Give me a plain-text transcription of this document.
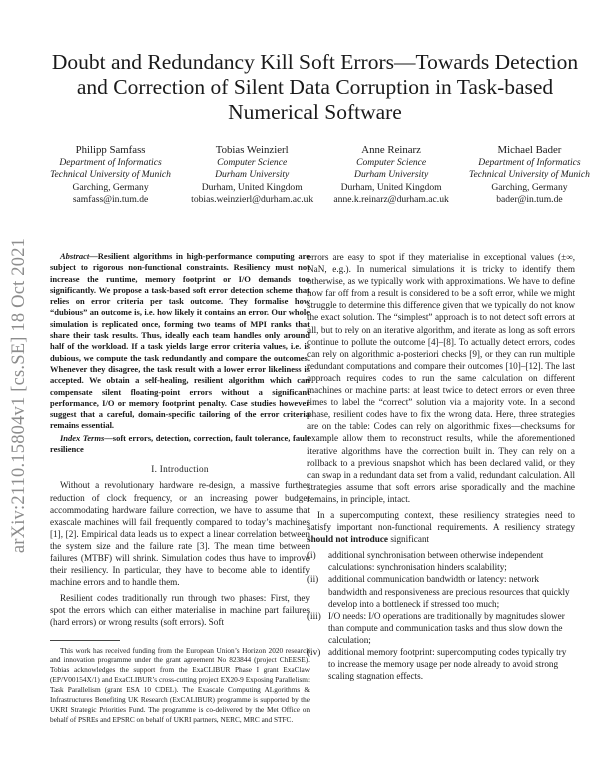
arXiv:2110.15804v1 [cs.SE] 18 Oct 2021
Doubt and Redundancy Kill Soft Errors—Towards Detection and Correction of Silent Data Corruption in Task-based Numerical Software
Philipp Samfass
Department of Informatics
Technical University of Munich
Garching, Germany
samfass@in.tum.de
Tobias Weinzierl
Computer Science
Durham University
Durham, United Kingdom
tobias.weinzierl@durham.ac.uk
Anne Reinarz
Computer Science
Durham University
Durham, United Kingdom
anne.k.reinarz@durham.ac.uk
Michael Bader
Department of Informatics
Technical University of Munich
Garching, Germany
bader@in.tum.de

Abstract—Resilient algorithms in high-performance computing are subject to rigorous non-functional constraints. Resiliency must not increase the runtime, memory footprint or I/O demands too significantly. We propose a task-based soft error detection scheme that relies on error criteria per task outcome. They formalise how “dubious” an outcome is, i.e. how likely it contains an error. Our whole simulation is replicated once, forming two teams of MPI ranks that share their task results. Thus, ideally each team handles only around half of the workload. If a task yields large error criteria values, i.e. is dubious, we compute the task redundantly and compare the outcomes. Whenever they disagree, the task result with a lower error likeliness is accepted. We obtain a self-healing, resilient algorithm which can compensate silent floating-point errors without a significant performance, I/O or memory footprint penalty. Case studies however suggest that a careful, domain-specific tailoring of the error criteria remains essential.

Index Terms—soft errors, detection, correction, fault tolerance, fault resilience

I. Introduction

Without a revolutionary hardware re-design, a massive further reduction of clock frequency, or an increasing power budget accommodating hardware failure correction, we have to assume that exascale machines will fail frequently compared to today’s machines [1], [2]. Empirical data leads us to expect a linear correlation between the system size and the failure rate [3]. The mean time between failures (MTBF) will shrink. Simulation codes thus have to improve their resiliency. In particular, they have to become able to identify machine errors and to handle them.

Resilient codes traditionally run through two phases: First, they spot the errors which can either materialise in machine part failures (hard errors) or wrong results (soft errors). Soft

This work has received funding from the European Union’s Horizon 2020 research and innovation programme under the grant agreement No 823844 (project ChEESE). Tobias acknowledges the support from the ExaCLIBUR Phase I grant ExaClaw (EP/V00154X/1) and ExaCLIBUR’s cross-cutting project EX20-9 Exposing Parallelism: Task Parallelism (grant ESA 10 CDEL). The Exascale Computing ALgorithms & Infrastructures Benefiting UK Research (ExCALIBUR) programme is supported by the UKRI Strategic Priorities Fund. The programme is co-delivered by the Met Office on behalf of PSREs and EPSRC on behalf of UKRI partners, NERC, MRC and STFC.

errors are easy to spot if they materialise in exceptional values (±∞, NaN, e.g.). In numerical simulations it is tricky to identify them otherwise, as we typically work with approximations. We have to define how far off from a result is considered to be a soft error, while we might struggle to determine this difference given that we typically do not know the exact solution. The “simplest” approach is to not detect soft errors at all, but to rely on an iterative algorithm, and iterate as long as soft errors continue to pollute the outcome [4]–[8]. To actually detect errors, codes can rely on algorithmic a-posteriori checks [9], or they can run multiple redundant computations and compare their outcomes [10]–[12]. The last approach requires codes to run the same calculation on different machines or machine parts: at least twice to detect errors or even three times to label the “correct” solution via a majority vote. In a second phase, resilient codes have to fix the wrong data. Here, three strategies are on the table: Codes can rely on algorithmic fixes—checksums for example allow them to reconstruct results, while the aforementioned iterative algorithms have the correction built in. They can rely on a rollback to a previous snapshot which has been declared valid, or they can swap in a redundant data set from a valid, redundant calculation. All strategies assume that soft errors arise sporadically and the machine remains, in principle, intact.

In a supercomputing context, these resiliency strategies need to satisfy important non-functional requirements. A resiliency strategy should not introduce significant

(i)	additional synchronisation between otherwise independent calculations: synchronisation hinders scalability;
(ii)	additional communication bandwidth or latency: network bandwidth and responsiveness are precious resources that quickly develop into a bottleneck if stressed too much;
(iii) I/O needs: I/O operations are traditionally by magnitudes slower than compute and communication tasks and thus slow down the calculation;
(iv) additional memory footprint: supercomputing codes typically try to increase the memory usage per node already to avoid strong scaling stagnation effects.
